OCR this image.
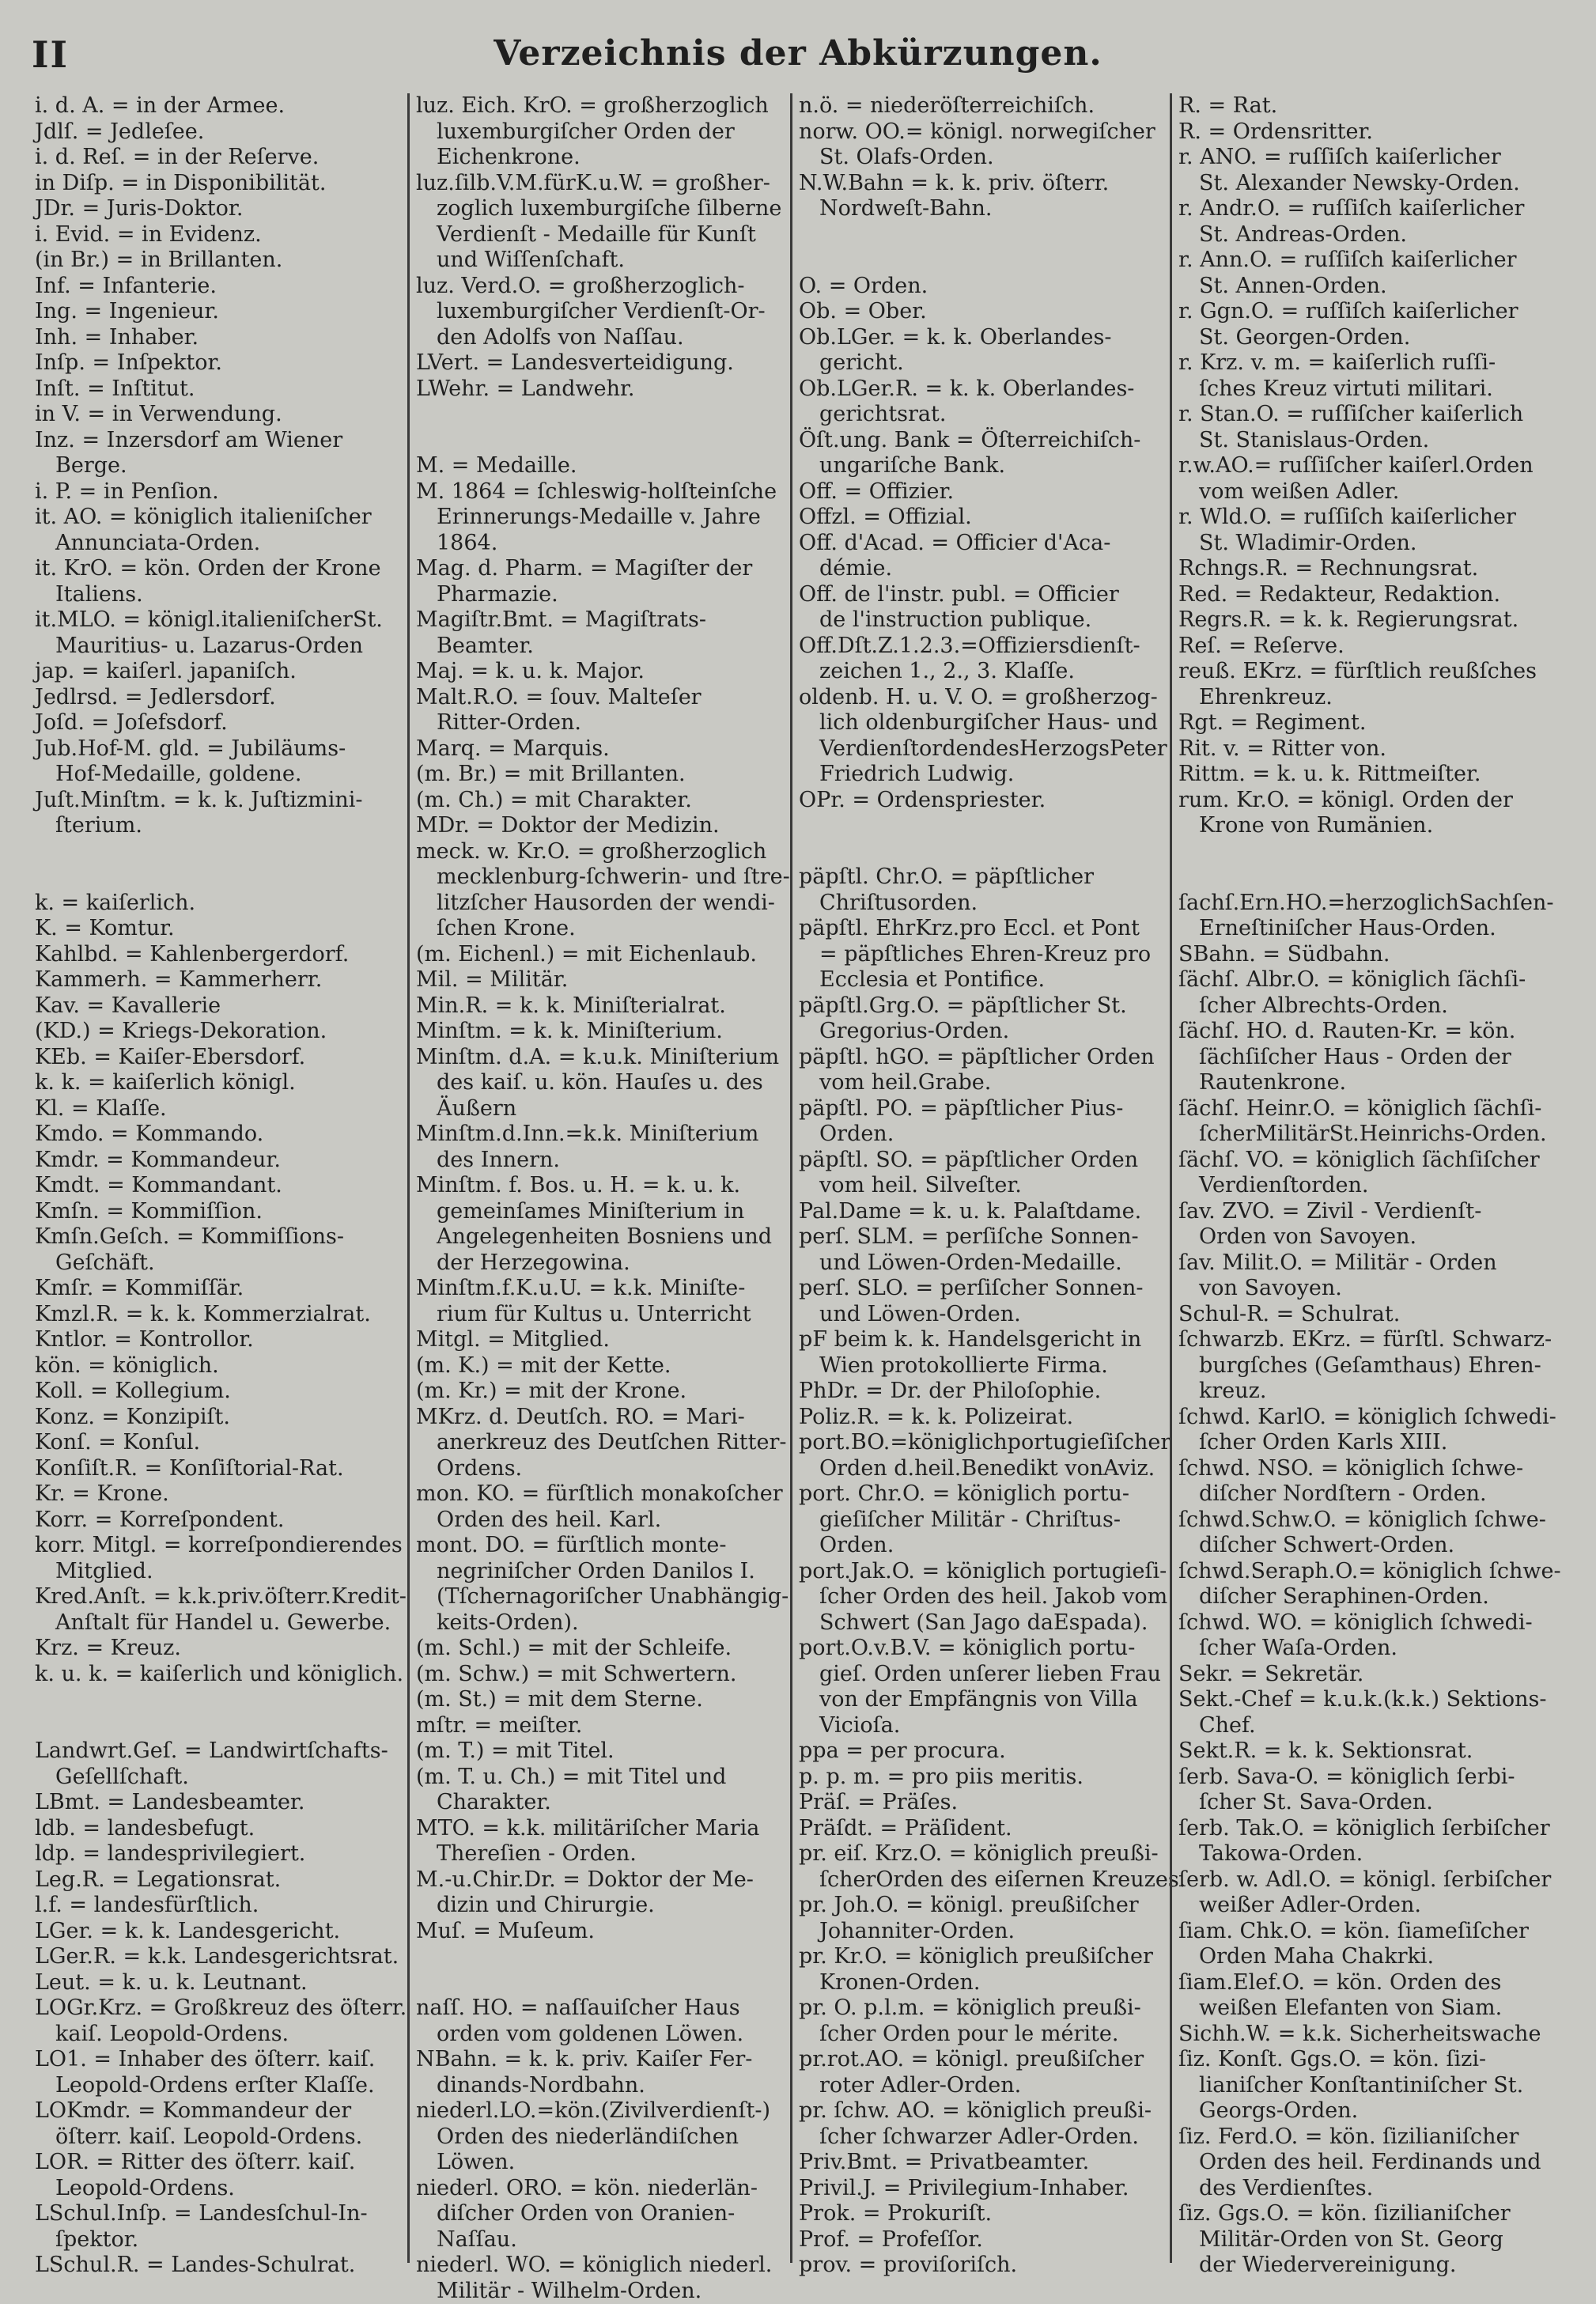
II	Verzeichnis der Abkürzungen.
i. d. A. = in der Armee.
Jdlſ. = Jedleſee.
i. d. Reſ. = in der Reſerve.
in Diſp. = in Disponibilität.
JDr. = Juris-Doktor.
i. Evid. = in Evidenz.
(in Br.) = in Brillanten.
Inf. = Infanterie.
Ing. = Ingenieur.
Inh. = Inhaber.
Inſp. = Inſpektor.
Inſt. = Inſtitut.
in V. = in Verwendung.
Inz. = Inzersdorf am Wiener
Berge.
i. P. = in Penſion.
it. AO. = königlich italieniſcher
Annunciata-Orden.
it. KrO. = kön. Orden der Krone
Italiens.
it.MLO. = königl.italieniſcherSt.
Mauritius- u. Lazarus-Orden
jap. = kaiſerl. japaniſch.
Jedlrsd. = Jedlersdorf.
Joſd. = Joſefsdorf.
Jub.Hof-M. gld. = Jubiläums-
Hof-Medaille, goldene.
Juſt.Minſtm. = k. k. Juſtizmini-
ſterium.
k. = kaiſerlich.
K. = Komtur.
Kahlbd. = Kahlenbergerdorf.
Kammerh. = Kammerherr.
Kav. = Kavallerie
(KD.) = Kriegs-Dekoration.
KEb. = Kaiſer-Ebersdorf.
k. k. = kaiſerlich königl.
Kl. = Klaſſe.
Kmdo. = Kommando.
Kmdr. = Kommandeur.
Kmdt. = Kommandant.
Kmſn. = Kommiſſion.
Kmſn.Geſch. = Kommiſſions-
Geſchäft.
Kmſr. = Kommiſſär.
Kmzl.R. = k. k. Kommerzialrat.
Kntlor. = Kontrollor.
kön. = königlich.
Koll. = Kollegium.
Konz. = Konzipiſt.
Konſ. = Konſul.
Konſiſt.R. = Konſiſtorial-Rat.
Kr. = Krone.
Korr. = Korreſpondent.
korr. Mitgl. = korreſpondierendes
Mitglied.
Kred.Anſt. = k.k.priv.öſterr.Kredit-
Anſtalt für Handel u. Gewerbe.
Krz. = Kreuz.
k. u. k. = kaiſerlich und königlich.
Landwrt.Geſ. = Landwirtſchafts-
Geſellſchaft.
LBmt. = Landesbeamter.
ldb. = landesbefugt.
ldp. = landesprivilegiert.
Leg.R. = Legationsrat.
l.f. = landesfürſtlich.
LGer. = k. k. Landesgericht.
LGer.R. = k.k. Landesgerichtsrat.
Leut. = k. u. k. Leutnant.
LOGr.Krz. = Großkreuz des öſterr.
kaiſ. Leopold-Ordens.
LO1. = Inhaber des öſterr. kaiſ.
Leopold-Ordens erſter Klaſſe.
LOKmdr. = Kommandeur der
öſterr. kaiſ. Leopold-Ordens.
LOR. = Ritter des öſterr. kaiſ.
Leopold-Ordens.
LSchul.Inſp. = Landesſchul-In-
ſpektor.
LSchul.R. = Landes-Schulrat.
luz. Eich. KrO. = großherzoglich
luxemburgiſcher Orden der
Eichenkrone.
luz.ſilb.V.M.fürK.u.W. = großher-
zoglich luxemburgiſche ſilberne
Verdienſt - Medaille für Kunſt
und Wiſſenſchaft.
luz. Verd.O. = großherzoglich-
luxemburgiſcher Verdienſt-Or-
den Adolfs von Naſſau.
LVert. = Landesverteidigung.
LWehr. = Landwehr.
M. = Medaille.
M. 1864 = ſchleswig-holſteinſche
Erinnerungs-Medaille v. Jahre
1864.
Mag. d. Pharm. = Magiſter der
Pharmazie.
Magiſtr.Bmt. = Magiſtrats-
Beamter.
Maj. = k. u. k. Major.
Malt.R.O. = ſouv. Malteſer
Ritter-Orden.
Marq. = Marquis.
(m. Br.) = mit Brillanten.
(m. Ch.) = mit Charakter.
MDr. = Doktor der Medizin.
meck. w. Kr.O. = großherzoglich
mecklenburg-ſchwerin- und ſtre-
litzſcher Hausorden der wendi-
ſchen Krone.
(m. Eichenl.) = mit Eichenlaub.
Mil. = Militär.
Min.R. = k. k. Miniſterialrat.
Minſtm. = k. k. Miniſterium.
Minſtm. d.A. = k.u.k. Miniſterium
des kaiſ. u. kön. Hauſes u. des
Äußern
Minſtm.d.Inn.=k.k. Miniſterium
des Innern.
Minſtm. f. Bos. u. H. = k. u. k.
gemeinſames Miniſterium in
Angelegenheiten Bosniens und
der Herzegowina.
Minſtm.f.K.u.U. = k.k. Miniſte-
rium für Kultus u. Unterricht
Mitgl. = Mitglied.
(m. K.) = mit der Kette.
(m. Kr.) = mit der Krone.
MKrz. d. Deutſch. RO. = Mari-
anerkreuz des Deutſchen Ritter-
Ordens.
mon. KO. = fürſtlich monakoſcher
Orden des heil. Karl.
mont. DO. = fürſtlich monte-
negriniſcher Orden Danilos I.
(Tſchernagoriſcher Unabhängig-
keits-Orden).
(m. Schl.) = mit der Schleife.
(m. Schw.) = mit Schwertern.
(m. St.) = mit dem Sterne.
mſtr. = meiſter.
(m. T.) = mit Titel.
(m. T. u. Ch.) = mit Titel und
Charakter.
MTO. = k.k. militäriſcher Maria
Thereſien - Orden.
M.-u.Chir.Dr. = Doktor der Me-
dizin und Chirurgie.
Muſ. = Muſeum.
naſſ. HO. = naſſauiſcher Haus
orden vom goldenen Löwen.
NBahn. = k. k. priv. Kaiſer Fer-
dinands-Nordbahn.
niederl.LO.=kön.(Zivilverdienſt-)
Orden des niederländiſchen
Löwen.
niederl. ORO. = kön. niederlän-
diſcher Orden von Oranien-
Naſſau.
niederl. WO. = königlich niederl.
Militär - Wilhelm-Orden.
n.ö. = niederöſterreichiſch.
norw. OO.= königl. norwegiſcher
St. Olafs-Orden.
N.W.Bahn = k. k. priv. öſterr.
Nordweſt-Bahn.
O. = Orden.
Ob. = Ober.
Ob.LGer. = k. k. Oberlandes-
gericht.
Ob.LGer.R. = k. k. Oberlandes-
gerichtsrat.
Öſt.ung. Bank = Öſterreichiſch-
ungariſche Bank.
Off. = Offizier.
Offzl. = Offizial.
Off. d'Acad. = Officier d'Aca-
démie.
Off. de l'instr. publ. = Officier
de l'instruction publique.
Off.Dſt.Z.1.2.3.=Offiziersdienſt-
zeichen 1., 2., 3. Klaſſe.
oldenb. H. u. V. O. = großherzog-
lich oldenburgiſcher Haus- und
VerdienſtordendesHerzogsPeter
Friedrich Ludwig.
OPr. = Ordenspriester.
päpſtl. Chr.O. = päpſtlicher
Chriſtusorden.
päpſtl. EhrKrz.pro Eccl. et Pont
= päpſtliches Ehren-Kreuz pro
Ecclesia et Pontifice.
päpſtl.Grg.O. = päpſtlicher St.
Gregorius-Orden.
päpſtl. hGO. = päpſtlicher Orden
vom heil.Grabe.
päpſtl. PO. = päpſtlicher Pius-
Orden.
päpſtl. SO. = päpſtlicher Orden
vom heil. Silveſter.
Pal.Dame = k. u. k. Palaſtdame.
perſ. SLM. = perſiſche Sonnen-
und Löwen-Orden-Medaille.
perſ. SLO. = perſiſcher Sonnen-
und Löwen-Orden.
pF beim k. k. Handelsgericht in
Wien protokollierte Firma.
PhDr. = Dr. der Philoſophie.
Poliz.R. = k. k. Polizeirat.
port.BO.=königlichportugieſiſcher
Orden d.heil.Benedikt vonAviz.
port. Chr.O. = königlich portu-
gieſiſcher Militär - Chriſtus-
Orden.
port.Jak.O. = königlich portugieſi-
ſcher Orden des heil. Jakob vom
Schwert (San Jago daEspada).
port.O.v.B.V. = königlich portu-
gieſ. Orden unſerer lieben Frau
von der Empfängnis von Villa
Vicioſa.
ppa = per procura.
p. p. m. = pro piis meritis.
Präſ. = Präſes.
Präſdt. = Präſident.
pr. eiſ. Krz.O. = königlich preußi-
ſcherOrden des eiſernen Kreuzes.
pr. Joh.O. = königl. preußiſcher
Johanniter-Orden.
pr. Kr.O. = königlich preußiſcher
Kronen-Orden.
pr. O. p.l.m. = königlich preußi-
ſcher Orden pour le mérite.
pr.rot.AO. = königl. preußiſcher
roter Adler-Orden.
pr. ſchw. AO. = königlich preußi-
ſcher ſchwarzer Adler-Orden.
Priv.Bmt. = Privatbeamter.
Privil.J. = Privilegium-Inhaber.
Prok. = Prokuriſt.
Prof. = Profeſſor.
prov. = proviſoriſch.
R. = Rat.
R. = Ordensritter.
r. ANO. = ruſſiſch kaiſerlicher
St. Alexander Newsky-Orden.
r. Andr.O. = ruſſiſch kaiſerlicher
St. Andreas-Orden.
r. Ann.O. = ruſſiſch kaiſerlicher
St. Annen-Orden.
r. Ggn.O. = ruſſiſch kaiſerlicher
St. Georgen-Orden.
r. Krz. v. m. = kaiſerlich ruſſi-
ſches Kreuz virtuti militari.
r. Stan.O. = ruſſiſcher kaiſerlich
St. Stanislaus-Orden.
r.w.AO.= ruſſiſcher kaiſerl.Orden
vom weißen Adler.
r. Wld.O. = ruſſiſch kaiſerlicher
St. Wladimir-Orden.
Rchngs.R. = Rechnungsrat.
Red. = Redakteur, Redaktion.
Regrs.R. = k. k. Regierungsrat.
Reſ. = Reſerve.
reuß. EKrz. = fürſtlich reußſches
Ehrenkreuz.
Rgt. = Regiment.
Rit. v. = Ritter von.
Rittm. = k. u. k. Rittmeiſter.
rum. Kr.O. = königl. Orden der
Krone von Rumänien.
ſachſ.Ern.HO.=herzoglichSachſen-
Erneſtiniſcher Haus-Orden.
SBahn. = Südbahn.
ſächſ. Albr.O. = königlich ſächſi-
ſcher Albrechts-Orden.
ſächſ. HO. d. Rauten-Kr. = kön.
ſächſiſcher Haus - Orden der
Rautenkrone.
ſächſ. Heinr.O. = königlich ſächſi-
ſcherMilitärSt.Heinrichs-Orden.
ſächſ. VO. = königlich ſächſiſcher
Verdienſtorden.
ſav. ZVO. = Zivil - Verdienſt-
Orden von Savoyen.
ſav. Milit.O. = Militär - Orden
von Savoyen.
Schul-R. = Schulrat.
ſchwarzb. EKrz. = fürſtl. Schwarz-
burgſches (Geſamthaus) Ehren-
kreuz.
ſchwd. KarlO. = königlich ſchwedi-
ſcher Orden Karls XIII.
ſchwd. NSO. = königlich ſchwe-
diſcher Nordſtern - Orden.
ſchwd.Schw.O. = königlich ſchwe-
diſcher Schwert-Orden.
ſchwd.Seraph.O.= königlich ſchwe-
diſcher Seraphinen-Orden.
ſchwd. WO. = königlich ſchwedi-
ſcher Waſa-Orden.
Sekr. = Sekretär.
Sekt.-Chef = k.u.k.(k.k.) Sektions-
Chef.
Sekt.R. = k. k. Sektionsrat.
ſerb. Sava-O. = königlich ſerbi-
ſcher St. Sava-Orden.
ſerb. Tak.O. = königlich ſerbiſcher
Takowa-Orden.
ſerb. w. Adl.O. = königl. ſerbiſcher
weißer Adler-Orden.
ſiam. Chk.O. = kön. ſiameſiſcher
Orden Maha Chakrki.
ſiam.Elef.O. = kön. Orden des
weißen Elefanten von Siam.
Sichh.W. = k.k. Sicherheitswache
ſiz. Konſt. Ggs.O. = kön. ſizi-
lianiſcher Konſtantiniſcher St.
Georgs-Orden.
ſiz. Ferd.O. = kön. ſizilianiſcher
Orden des heil. Ferdinands und
des Verdienſtes.
ſiz. Ggs.O. = kön. ſizilianiſcher
Militär-Orden von St. Georg
der Wiedervereinigung.
